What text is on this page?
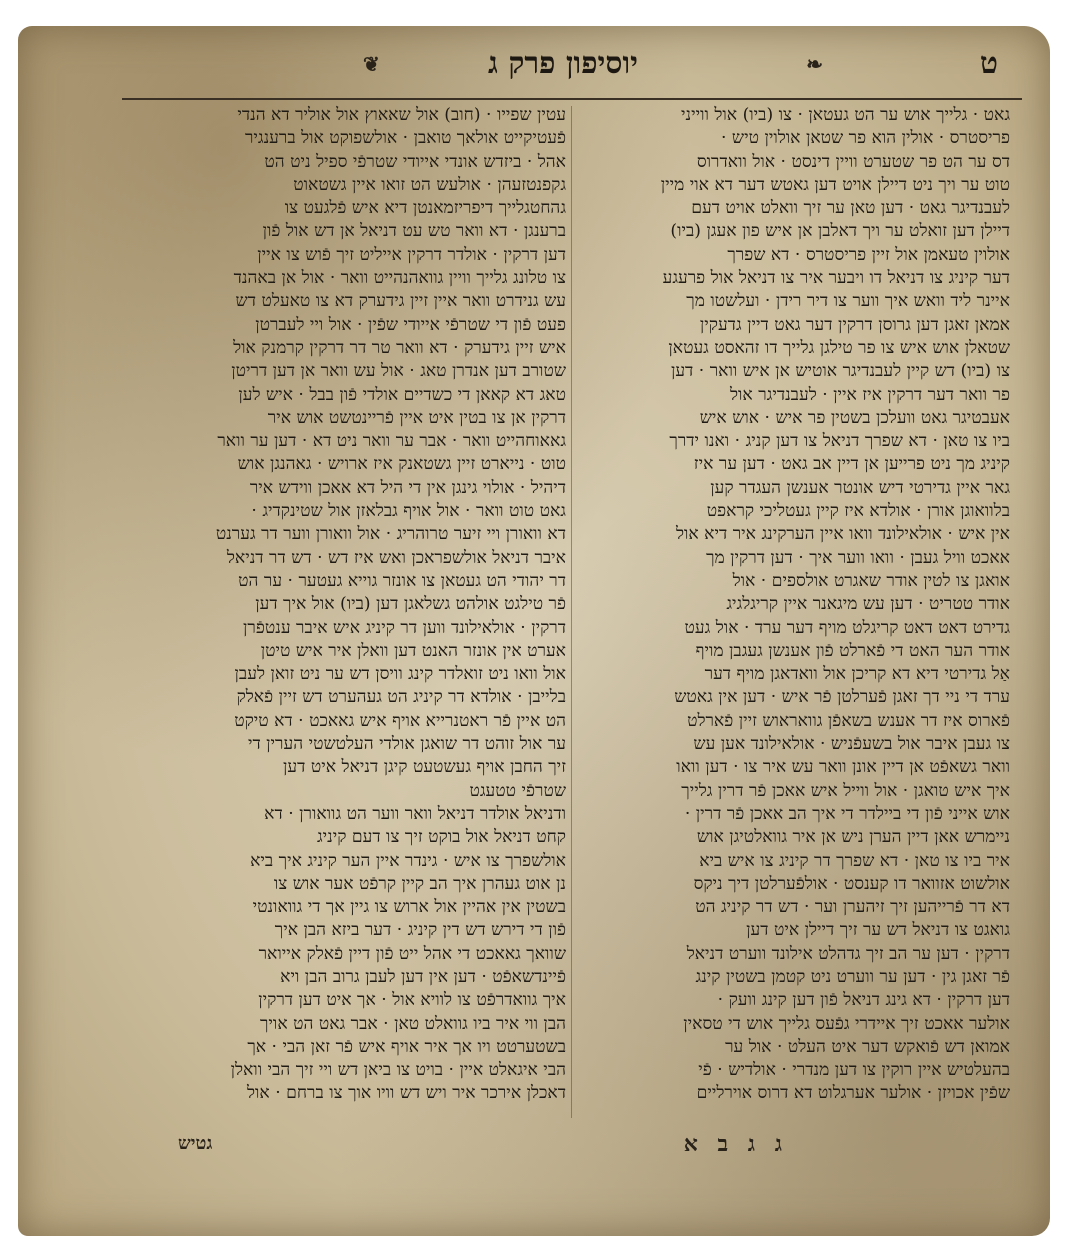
ט
❧
יוסיפון פרק ג
❦
גאט · גלייך אוש ער הט געטאן · צו (ביו) אול ווייני
פריסטרס · אולין הוא פר שטאן אולוין טיש ·
דס ער הט פר שטערט וויין דינסט · אול וואדרוס
טוט ער ויך ניט דיילן אויט דען גאטש דער דא אוי מיין
לעבנדיגר גאט · דען טאן ער זיך וואלט אויט דעם
דיילן דען זואלט ער ויך דאלבן אן איש פון אעגן (ביו)
אולוין טעאמן אול זיין פריסטרס · דא שפרך
דער קיניג צו דניאל דו ויבער איר צו דניאל אול פרעגע
איינר ליד וואש איך ווער צו דיר רידן · ועלשטו מך
אמאן זאגן דען גרוסן דרקין דער גאט דיין גדעקין
שטאלן אוש איש צו פר טילגן גלייך דו זהאסט געטאן
צו (ביו) דש קיין לעבנדיגר אוטיש אן איש וואר · דען
פר וואר דער דרקין איז איין · לעבנדיגר אול
אעבטיגר גאט וועלכן בשטין פר איש · אוש איש
ביו צו טאן · דא שפרך דניאל צו דען קניג · ואנו ידרך
קיניג מך ניט פרייען אן דיין אב גאט · דען ער איז
גאר איין גדירטי דיש אונטר אענשן העגדר קען
בלוואוגן אורן · אולדא איז קיין געטליכי קראפט
אין איש · אולאילונד וואו איין הערקינג איר דיא אול
אאכט וויל געבן · וואו ווער איך · דען דרקין מך
אואגן צו לטין אודר שאגרט אולספים · אול
אודר טטריט · דען עש מיגאנר איין קריגלגיג
גדירט דאט דאט קריגלט מויף דער ערד · אול געט
אודר הער האט די פֿארלט פֿון אענשן געגבן מויף
אַל גדירטי דיא דא קריכן אול וואדאגן מויף דער
ערד די ניי דך זאגן פֿערלטן פֿר איש · דען אין גאטש
פֿארוס איז דר אענש בשאפֿן גוואראוש זיין פֿארלט
צו געבן איבר אול בשעפֿניש · אולאילונד אען עש
וואר גשאפֿט אן דיין אונן וואר עש איר צו · דען וואו
איך איש טואגן · אול ווייל איש אאכן פֿר דרין גלייך
אוש אייני פֿון די ביילדר די איך הב אאכן פֿר דרין ·
ניימרש אאן דיין הערן ניש אן איר גוואלטיגן אוש
איר ביו צו טאן · דא שפרך דר קיניג צו איש ביא
אולשוט אזוואר דו קענסט · אולפֿערלטן דיך ניקס
דא דר פֿרייהען זיך זיהערן וער · דש דר קיניג הט
גואגט צו דניאל דש ער זיך דיילן איט דען
דרקין · דען ער הב זיך גדהלט אילונד ווערט דניאל
פֿר זאגן גין · דען ער ווערט ניט קטמן בשטין קינג
דען דרקין · דא גינג דניאל פֿון דען קינג וועק ·
אולער אאכט זיך איידרי גפֿעס גלייך אוש די טסאין
אמואן דש פֿואקש דער איט העלט · אול ער
בהעלטיש איין רוקין צו דען מנדרי · אולדיש · פֿי
שפֿין אכויזן · אולער אערגלוט דא דרוס אוירליים
עטין שפייו · (חוב) אול שאאוץ אול אוליר דא הנדי
פֿעטיקייט אולאך טואבן · אולשפוקט אול ברענגיר
אהל · ביזדש אונדי אייודי שטרפֿי ספיל ניט הט
גקפנטזעהן · אולעש הט זואו איין גשטאוט
גהחטגלייך דיפריזמאנטן דיא איש פֿלגעט צו
ברענגן · דא וואר טש עט דניאל אן דש אול פֿון
דען דרקין · אולדר דרקין אייליט זיך פֿוש צו איין
צו טלונג גלייך וויין גוואהנהייט וואר · אול אן באהנד
עש גנידרט וואר איין זיין גידערק דא צו טאעלט דש
פעט פֿון די שטרפֿי אייודי שפֿין · אול ויי לעברטן
איש זיין גידערק · דא וואר טר דר דרקין קרמנק אול
שטורב דען אנדרן טאג · אול עש וואר אן דען דריטן
טאג דא קאאן די כשדיים אולדי פֿון בבל · איש לען
דרקין אן צו בטין איט איין פֿריינטשט אוש איר
גאאוחהייט וואר · אבר ער וואר ניט דא · דען ער וואר
טוט · נייארט זיין גשטאנק איז ארויש · גאהנגן אוש
דיהיל · אולוי גינגן אין די היל דא אאכן ווידש איר
גאט טוט וואר · אול אויף גבלאזן אול שטינקדיג ·
דא וואורן ויי זיער טרוהריג · אול וואורן ווער דר גערנט
איבר דניאל אולשפראכן ואש איז דש · דש דר דניאל
דר יהודי הט געטאן צו אונזר גוייא געטער · ער הט
פֿר טילגט אולהט גשלאגן דען (ביו) אול איך דען
דרקין · אולאילונד ווען דר קיניג איש איבר ענטפֿרן
אערט אין אונזר האנט דען וואלן איר איש טיטן
אול וואו ניט זואלדר קינג וויסן דש ער ניט זואן לעבן
בלייבן · אולדא דר קיניג הט געהערט דש זיין פֿאלק
הט איין פֿר ראטנרייא אויף איש גאאכט · דא טיקט
ער אול זוהט דר שואגן אולדי העלטשטי הערין די
זיך החבן אויף געשטעט קיגן דניאל איט דען
שטרפֿי טטעגט
ודניאל אולדר דניאל וואר ווער הט גוואורן · דא
קחט דניאל אול בוקט זיך צו דעם קיניג
אולשפרך צו איש · גינדר איין הער קיניג איך ביא
נן אוט געהרן איך הב קיין קרפֿט אער אוש צו
בשטין אין אהיין אול ארוש צו גיין אך די גוואונטי
פֿון די דירש דש דין קיניג · דער ביזא הבן איך
שוואך גאאכט די אהל ייט פֿון דיין פֿאלק אייואר
פֿיינדשאפֿט · דען אין דען לעבן גרוב הבן ויא
איך גוואדרפֿט צו לוויא אול · אך איט דען דרקין
הבן ווי איר ביו גוואלט טאן · אבר גאט הט אויך
בשטערטט ויו אך איר אויף איש פֿר זאן הבי · אך
הבי איגאלט איין · בויט צו ביאן דש ויי זיך הבי וואלן
דאכלן אירכר איר ויש דש וויו אוך צו ברחם · אול
ג ג ב א
גטיש
